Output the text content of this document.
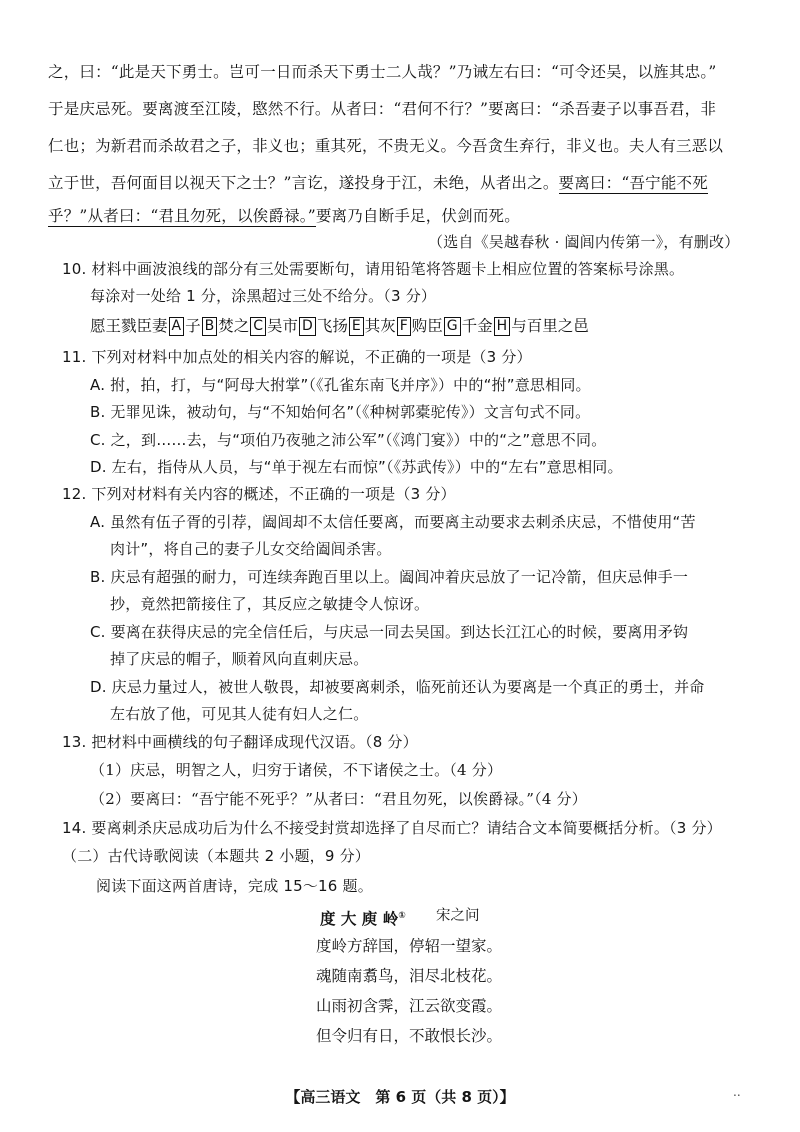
之，曰：“此是天下勇士。岂可一日而杀天下勇士二人哉？”乃诫左右曰：“可令还吴，以旌其忠。”
于是庆忌死。要离渡至江陵，愍然不行。从者曰：“君何不行？”要离曰：“杀吾妻子以事吾君，非
仁也；为新君而杀故君之子，非义也；重其死，不贵无义。今吾贪生弃行，非义也。夫人有三恶以
立于世，吾何面目以视天下之士？”言讫，遂投身于江，未绝，从者出之。要离曰：“吾宁能不死
乎？”从者曰：“君且勿死，以俟爵禄。”要离乃自断手足，伏剑而死。
（选自《吴越春秋 · 阖闾内传第一》，有删改）
10. 材料中画波浪线的部分有三处需要断句，请用铅笔将答题卡上相应位置的答案标号涂黑。
每涂对一处给 1 分，涂黑超过三处不给分。（3 分）
愿王戮臣妻 A 子 B 焚之 C 吴市 D 飞扬 E 其灰 F 购臣 G 千金 H 与百里之邑
11. 下列对材料中加点处的相关内容的解说，不正确的一项是（3 分）
A. 拊，拍，打，与“阿母大拊掌”（《孔雀东南飞并序》）中的“拊”意思相同。
B. 无罪见诛，被动句，与“不知始何名”（《种树郭橐驼传》）文言句式不同。
C. 之，到……去，与“项伯乃夜驰之沛公军”（《鸿门宴》）中的“之”意思不同。
D. 左右，指侍从人员，与“单于视左右而惊”（《苏武传》）中的“左右”意思相同。
12. 下列对材料有关内容的概述，不正确的一项是（3 分）
A. 虽然有伍子胥的引荐，阖闾却不太信任要离，而要离主动要求去刺杀庆忌，不惜使用“苦
肉计”，将自己的妻子儿女交给阖闾杀害。
B. 庆忌有超强的耐力，可连续奔跑百里以上。阖闾冲着庆忌放了一记冷箭，但庆忌伸手一
抄，竟然把箭接住了，其反应之敏捷令人惊讶。
C. 要离在获得庆忌的完全信任后，与庆忌一同去吴国。到达长江江心的时候，要离用矛钩
掉了庆忌的帽子，顺着风向直刺庆忌。
D. 庆忌力量过人，被世人敬畏，却被要离刺杀，临死前还认为要离是一个真正的勇士，并命
左右放了他，可见其人徒有妇人之仁。
13. 把材料中画横线的句子翻译成现代汉语。（8 分）
（1）庆忌，明智之人，归穷于诸侯，不下诸侯之士。（4 分）
（2）要离曰：“吾宁能不死乎？”从者曰：“君且勿死，以俟爵禄。”（4 分）
14. 要离刺杀庆忌成功后为什么不接受封赏却选择了自尽而亡？请结合文本简要概括分析。（3 分）
（二）古代诗歌阅读（本题共 2 小题，9 分）
阅读下面这两首唐诗，完成 15～16 题。
度 大 庾 岭① 宋之问
度岭方辞国，停轺一望家。
魂随南翥鸟，泪尽北枝花。
山雨初含霁，江云欲变霞。
但令归有日，不敢恨长沙。
【高三语文　第 6 页（共 8 页）】	..
